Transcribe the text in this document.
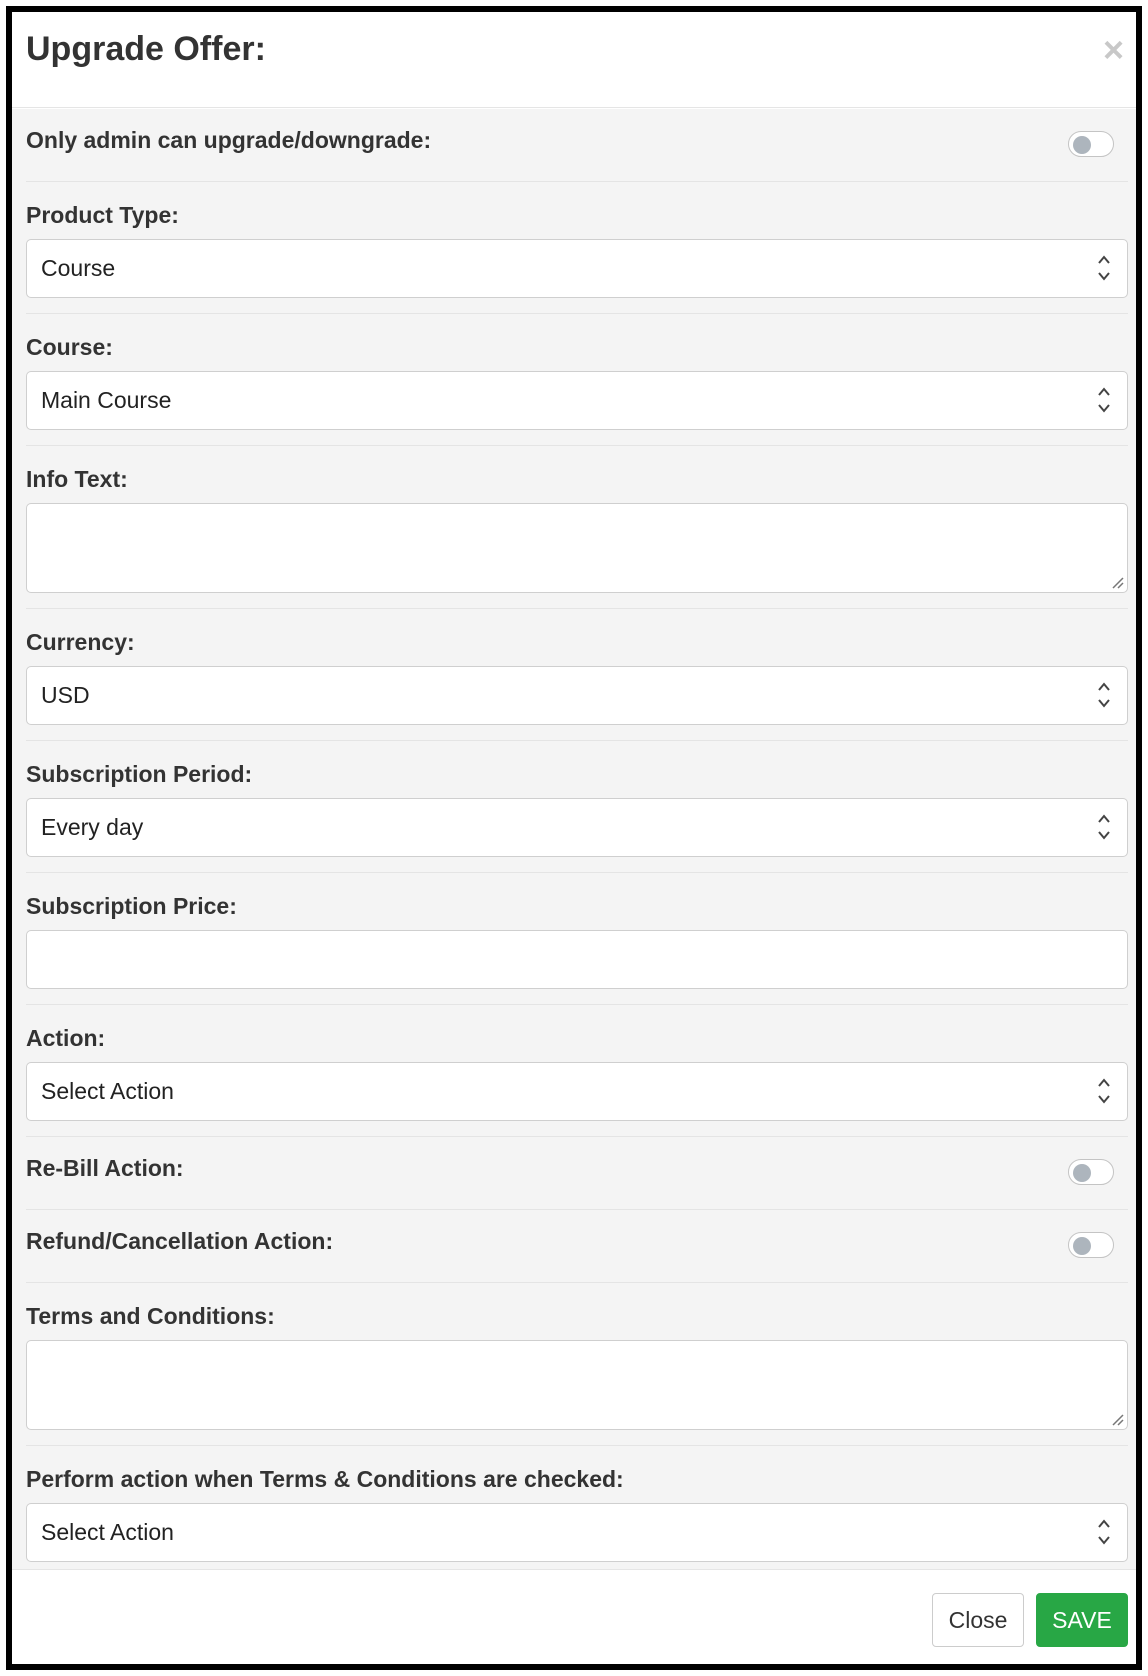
Upgrade Offer:	×
Only admin can upgrade/downgrade:
Product Type:
Course
Course:
Main Course
Info Text:
Currency:
USD
Subscription Period:
Every day
Subscription Price:
Action:
Select Action
Re-Bill Action:
Refund/Cancellation Action:
Terms and Conditions:
Perform action when Terms & Conditions are checked:
Select Action
Close	SAVE
